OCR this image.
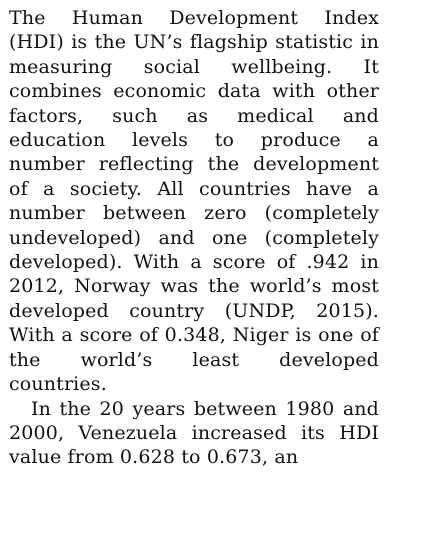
The Human Development Index (HDI) is the UN’s flagship statistic in measuring social wellbeing. It combines economic data with other factors, such as medical and education levels to produce a number reflecting the development of a society. All countries have a number between zero (completely undeveloped) and one (completely developed). With a score of .942 in 2012, Norway was the world’s most developed country (UNDP, 2015). With a score of 0.348, Niger is one of the world’s least developed countries.

In the 20 years between 1980 and 2000, Venezuela increased its HDI value from 0.628 to 0.673, an
